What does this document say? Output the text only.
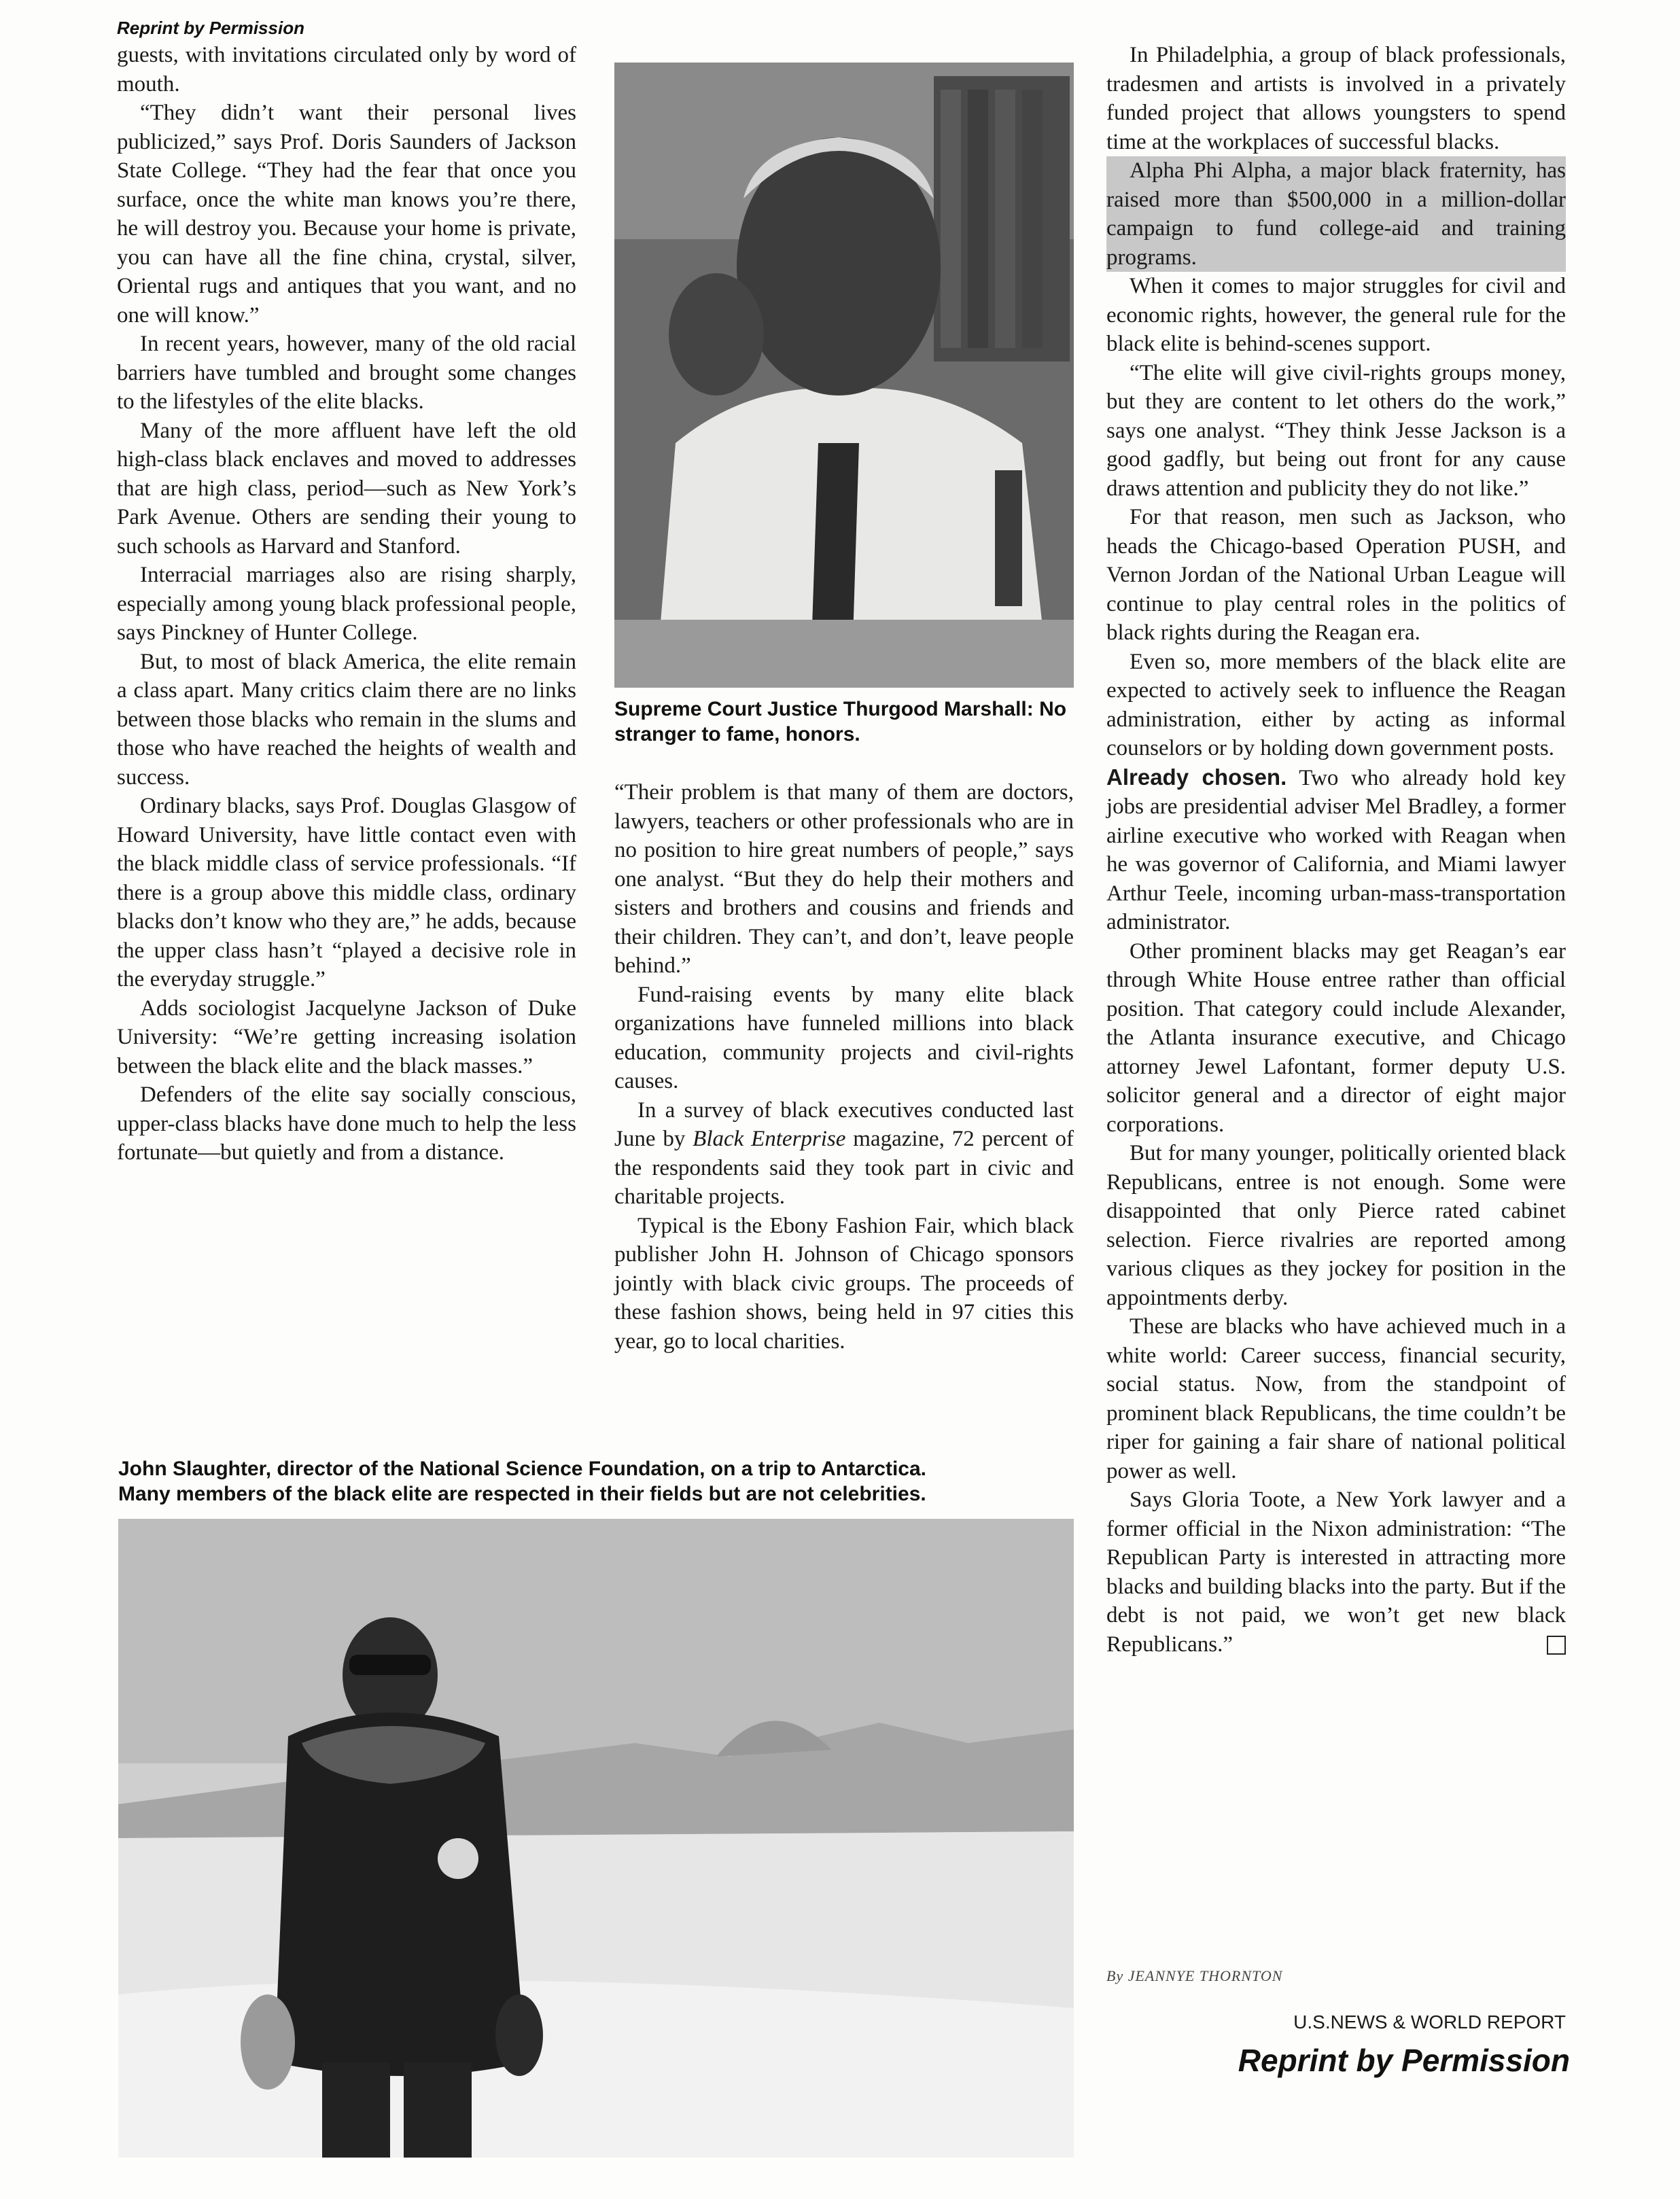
Reprint by Permission

guests, with invitations circulated only by word of mouth.

“They didn’t want their personal lives publicized,” says Prof. Doris Saunders of Jackson State College. “They had the fear that once you surface, once the white man knows you’re there, he will destroy you. Because your home is private, you can have all the fine china, crystal, silver, Oriental rugs and antiques that you want, and no one will know.”

In recent years, however, many of the old racial barriers have tumbled and brought some changes to the lifestyles of the elite blacks.

Many of the more affluent have left the old high-class black enclaves and moved to addresses that are high class, period—such as New York’s Park Avenue. Others are sending their young to such schools as Harvard and Stanford.

Interracial marriages also are rising sharply, especially among young black professional people, says Pinckney of Hunter College.

But, to most of black America, the elite remain a class apart. Many critics claim there are no links between those blacks who remain in the slums and those who have reached the heights of wealth and success.

Ordinary blacks, says Prof. Douglas Glasgow of Howard University, have little contact even with the black middle class of service professionals. “If there is a group above this middle class, ordinary blacks don’t know who they are,” he adds, because the upper class hasn’t “played a decisive role in the everyday struggle.”

Adds sociologist Jacquelyne Jackson of Duke University: “We’re getting increasing isolation between the black elite and the black masses.”

Defenders of the elite say socially conscious, upper-class blacks have done much to help the less fortunate—but quietly and from a distance.

Supreme Court Justice Thurgood Marshall: No stranger to fame, honors.

“Their problem is that many of them are doctors, lawyers, teachers or other professionals who are in no position to hire great numbers of people,” says one analyst. “But they do help their mothers and sisters and brothers and cousins and friends and their children. They can’t, and don’t, leave people behind.”

Fund-raising events by many elite black organizations have funneled millions into black education, community projects and civil-rights causes.

In a survey of black executives conducted last June by Black Enterprise magazine, 72 percent of the respondents said they took part in civic and charitable projects.

Typical is the Ebony Fashion Fair, which black publisher John H. Johnson of Chicago sponsors jointly with black civic groups. The proceeds of these fashion shows, being held in 97 cities this year, go to local charities.

In Philadelphia, a group of black professionals, tradesmen and artists is involved in a privately funded project that allows youngsters to spend time at the workplaces of successful blacks.

Alpha Phi Alpha, a major black fraternity, has raised more than $500,000 in a million-dollar campaign to fund college-aid and training programs.

When it comes to major struggles for civil and economic rights, however, the general rule for the black elite is behind-scenes support.

“The elite will give civil-rights groups money, but they are content to let others do the work,” says one analyst. “They think Jesse Jackson is a good gadfly, but being out front for any cause draws attention and publicity they do not like.”

For that reason, men such as Jackson, who heads the Chicago-based Operation PUSH, and Vernon Jordan of the National Urban League will continue to play central roles in the politics of black rights during the Reagan era.

Even so, more members of the black elite are expected to actively seek to influence the Reagan administration, either by acting as informal counselors or by holding down government posts.

Already chosen. Two who already hold key jobs are presidential adviser Mel Bradley, a former airline executive who worked with Reagan when he was governor of California, and Miami lawyer Arthur Teele, incoming urban-mass-transportation administrator.

Other prominent blacks may get Reagan’s ear through White House entree rather than official position. That category could include Alexander, the Atlanta insurance executive, and Chicago attorney Jewel Lafontant, former deputy U.S. solicitor general and a director of eight major corporations.

But for many younger, politically oriented black Republicans, entree is not enough. Some were disappointed that only Pierce rated cabinet selection. Fierce rivalries are reported among various cliques as they jockey for position in the appointments derby.

These are blacks who have achieved much in a white world: Career success, financial security, social status. Now, from the standpoint of prominent black Republicans, the time couldn’t be riper for gaining a fair share of national political power as well.

Says Gloria Toote, a New York lawyer and a former official in the Nixon administration: “The Republican Party is interested in attracting more blacks and building blacks into the party. But if the debt is not paid, we won’t get new black Republicans.”

John Slaughter, director of the National Science Foundation, on a trip to Antarctica.
Many members of the black elite are respected in their fields but are not celebrities.
By JEANNYE THORNTON
U.S.NEWS & WORLD REPORT
Reprint by Permission
